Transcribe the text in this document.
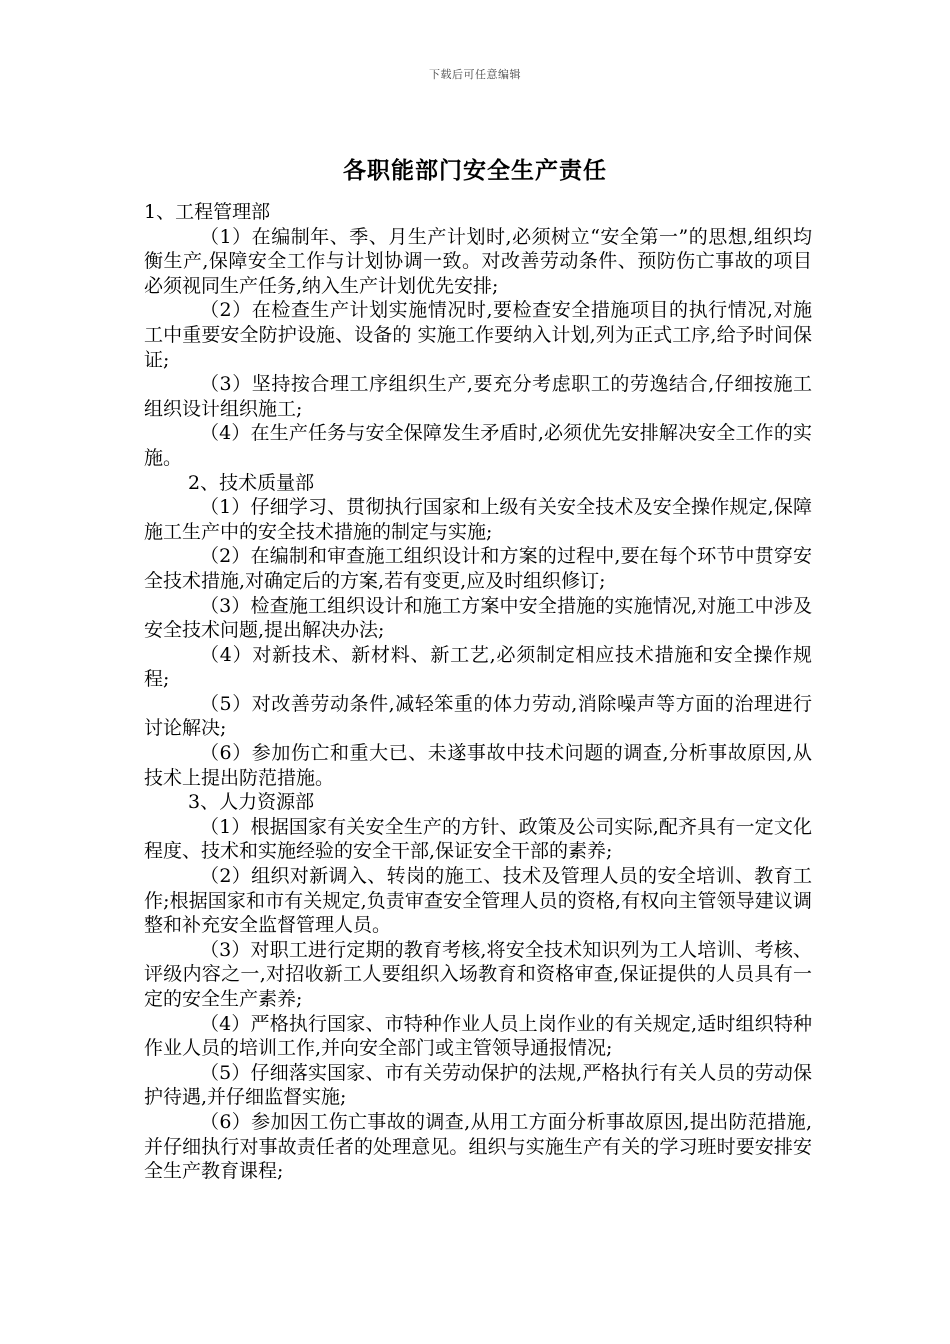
下载后可任意编辑
各职能部门安全生产责任

1、工程管理部

（1）在编制年、季、月生产计划时,必须树立“安全第一”的思想,组织均衡生产,保障安全工作与计划协调一致。对改善劳动条件、预防伤亡事故的项目必须视同生产任务,纳入生产计划优先安排;

（2）在检查生产计划实施情况时,要检查安全措施项目的执行情况,对施工中重要安全防护设施、设备的 实施工作要纳入计划,列为正式工序,给予时间保证;

（3）坚持按合理工序组织生产,要充分考虑职工的劳逸结合,仔细按施工组织设计组织施工;

（4）在生产任务与安全保障发生矛盾时,必须优先安排解决安全工作的实施。

2、技术质量部

（1）仔细学习、贯彻执行国家和上级有关安全技术及安全操作规定,保障施工生产中的安全技术措施的制定与实施;

（2）在编制和审查施工组织设计和方案的过程中,要在每个环节中贯穿安全技术措施,对确定后的方案,若有变更,应及时组织修订;

（3）检查施工组织设计和施工方案中安全措施的实施情况,对施工中涉及安全技术问题,提出解决办法;

（4）对新技术、新材料、新工艺,必须制定相应技术措施和安全操作规程;

（5）对改善劳动条件,减轻笨重的体力劳动,消除噪声等方面的治理进行讨论解决;

（6）参加伤亡和重大已、未遂事故中技术问题的调查,分析事故原因,从技术上提出防范措施。

3、人力资源部

（1）根据国家有关安全生产的方针、政策及公司实际,配齐具有一定文化程度、技术和实施经验的安全干部,保证安全干部的素养;

（2）组织对新调入、转岗的施工、技术及管理人员的安全培训、教育工作;根据国家和市有关规定,负责审查安全管理人员的资格,有权向主管领导建议调整和补充安全监督管理人员。

（3）对职工进行定期的教育考核,将安全技术知识列为工人培训、考核、评级内容之一,对招收新工人要组织入场教育和资格审查,保证提供的人员具有一定的安全生产素养;

（4）严格执行国家、市特种作业人员上岗作业的有关规定,适时组织特种作业人员的培训工作,并向安全部门或主管领导通报情况;

（5）仔细落实国家、市有关劳动保护的法规,严格执行有关人员的劳动保护待遇,并仔细监督实施;

（6）参加因工伤亡事故的调查,从用工方面分析事故原因,提出防范措施,并仔细执行对事故责任者的处理意见。组织与实施生产有关的学习班时要安排安全生产教育课程;
